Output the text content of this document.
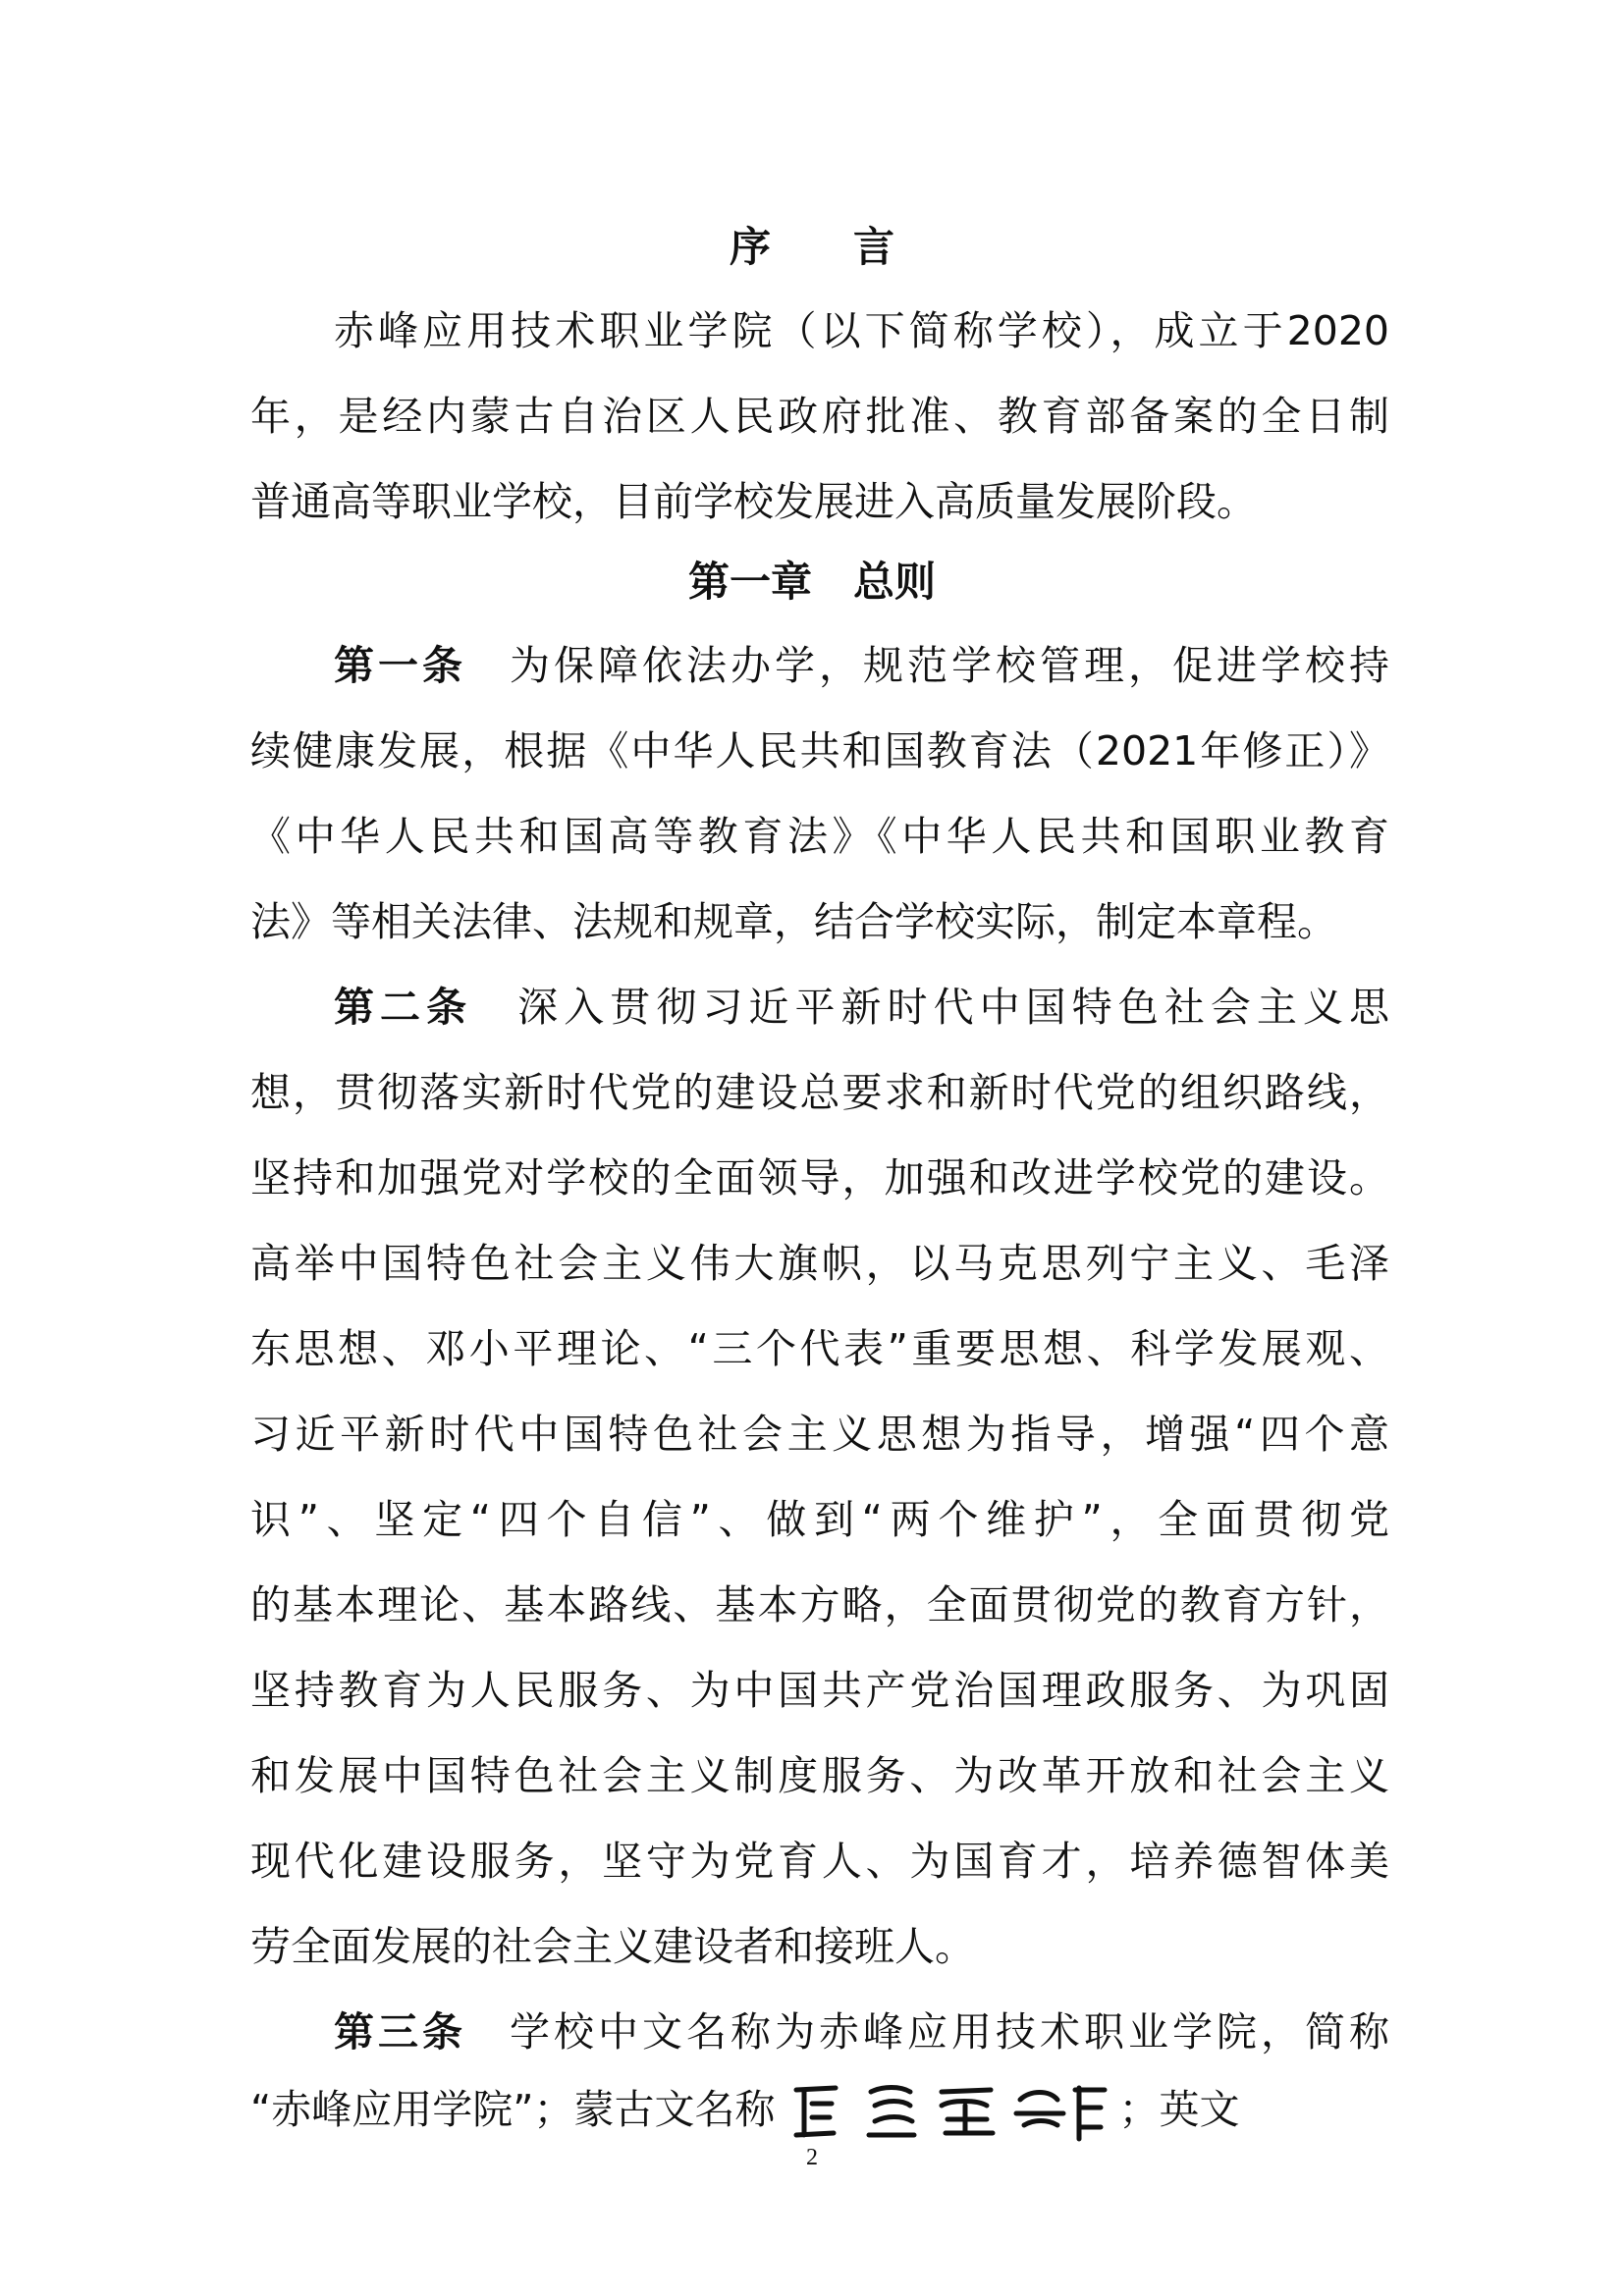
序　　言
赤峰应用技术职业学院（以下简称学校），成立于2020
年，是经内蒙古自治区人民政府批准、教育部备案的全日制
普通高等职业学校，目前学校发展进入高质量发展阶段。
第一章　总则
第一条 为保障依法办学，规范学校管理，促进学校持
续健康发展，根据《中华人民共和国教育法（2021年修正）》
《中华人民共和国高等教育法》《中华人民共和国职业教育
法》等相关法律、法规和规章，结合学校实际，制定本章程。
第二条 深入贯彻习近平新时代中国特色社会主义思
想，贯彻落实新时代党的建设总要求和新时代党的组织路线，
坚持和加强党对学校的全面领导，加强和改进学校党的建设。
高举中国特色社会主义伟大旗帜，以马克思列宁主义、毛泽
东思想、邓小平理论、“三个代表”重要思想、科学发展观、
习近平新时代中国特色社会主义思想为指导，增强“四个意
识”、坚定“四个自信”、做到“两个维护”，全面贯彻党
的基本理论、基本路线、基本方略，全面贯彻党的教育方针，
坚持教育为人民服务、为中国共产党治国理政服务、为巩固
和发展中国特色社会主义制度服务、为改革开放和社会主义
现代化建设服务，坚守为党育人、为国育才，培养德智体美
劳全面发展的社会主义建设者和接班人。
第三条 学校中文名称为赤峰应用技术职业学院，简称
“赤峰应用学院”；蒙古文名称	；英文
2
